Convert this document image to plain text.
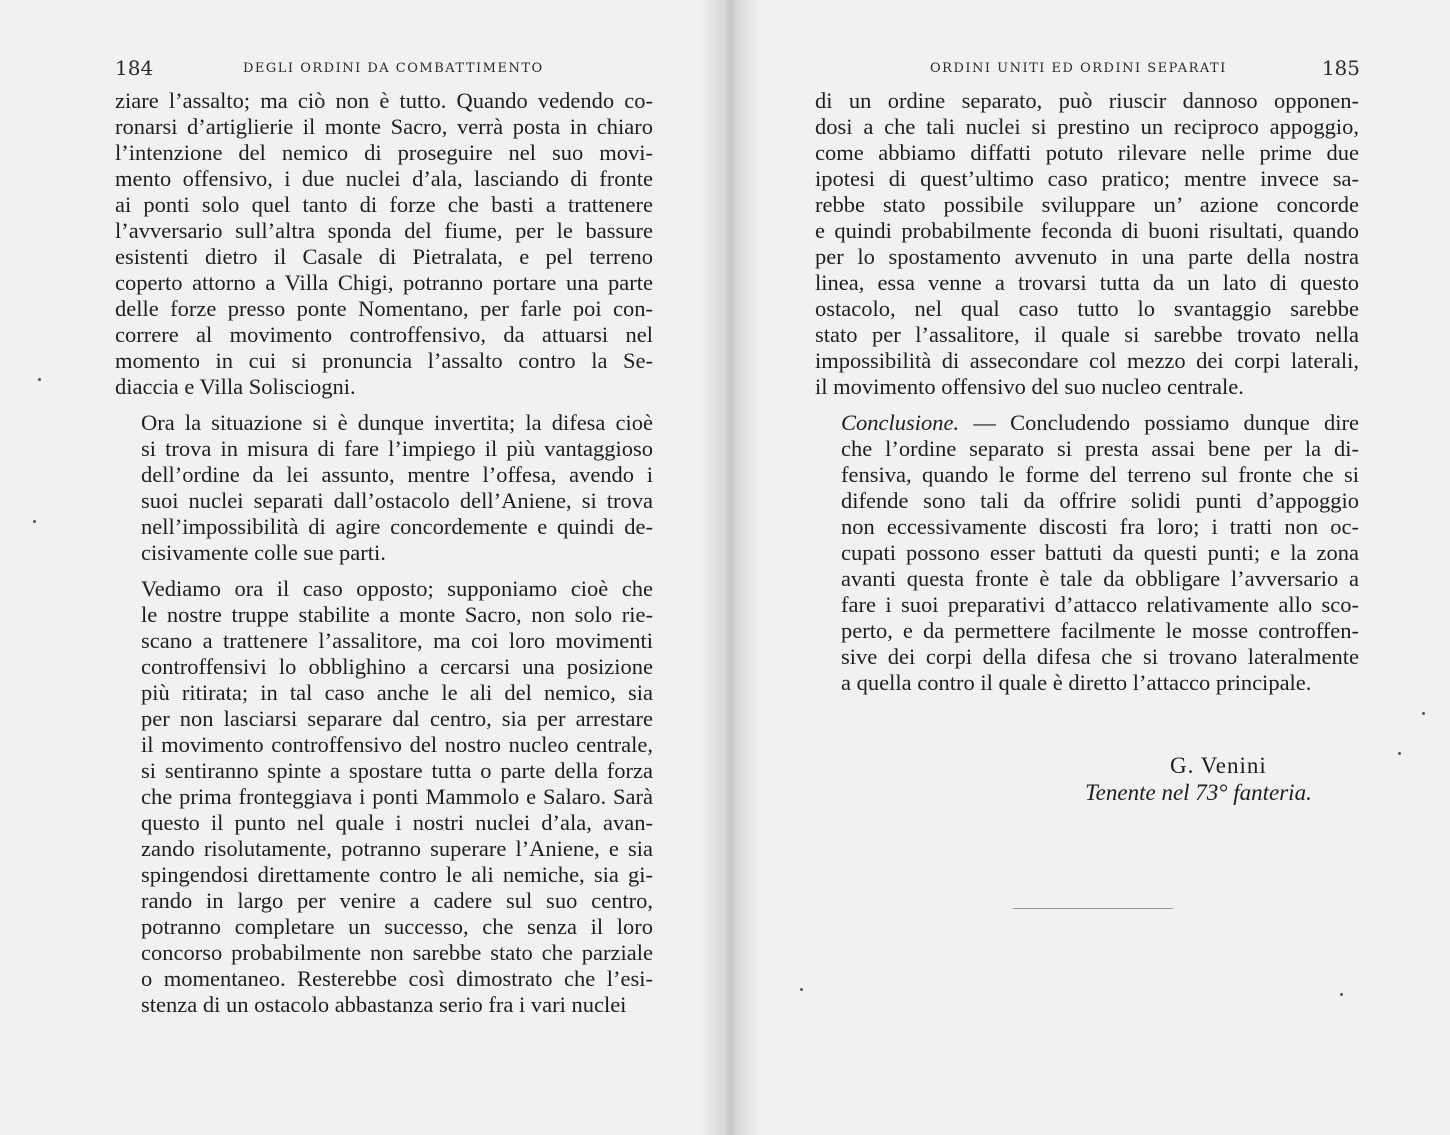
184	DEGLI ORDINI DA COMBATTIMENTO

ziare l’assalto; ma ciò non è tutto. Quando vedendo co-
ronarsi d’artiglierie il monte Sacro, verrà posta in chiaro
l’intenzione del nemico di proseguire nel suo movi-
mento offensivo, i due nuclei d’ala, lasciando di fronte
ai ponti solo quel tanto di forze che basti a trattenere
l’avversario sull’altra sponda del fiume, per le bassure
esistenti dietro il Casale di Pietralata, e pel terreno
coperto attorno a Villa Chigi, potranno portare una parte
delle forze presso ponte Nomentano, per farle poi con-
correre al movimento controffensivo, da attuarsi nel
momento in cui si pronuncia l’assalto contro la Se-
diaccia e Villa Solisciogni.

Ora la situazione si è dunque invertita; la difesa cioè
si trova in misura di fare l’impiego il più vantaggioso
dell’ordine da lei assunto, mentre l’offesa, avendo i
suoi nuclei separati dall’ostacolo dell’Aniene, si trova
nell’impossibilità di agire concordemente e quindi de-
cisivamente colle sue parti.

Vediamo ora il caso opposto; supponiamo cioè che
le nostre truppe stabilite a monte Sacro, non solo rie-
scano a trattenere l’assalitore, ma coi loro movimenti
controffensivi lo obblighino a cercarsi una posizione
più ritirata; in tal caso anche le ali del nemico, sia
per non lasciarsi separare dal centro, sia per arrestare
il movimento controffensivo del nostro nucleo centrale,
si sentiranno spinte a spostare tutta o parte della forza
che prima fronteggiava i ponti Mammolo e Salaro. Sarà
questo il punto nel quale i nostri nuclei d’ala, avan-
zando risolutamente, potranno superare l’Aniene, e sia
spingendosi direttamente contro le ali nemiche, sia gi-
rando in largo per venire a cadere sul suo centro,
potranno completare un successo, che senza il loro
concorso probabilmente non sarebbe stato che parziale
o momentaneo. Resterebbe così dimostrato che l’esi-
stenza di un ostacolo abbastanza serio fra i vari nuclei

ORDINI UNITI ED ORDINI SEPARATI	185

di un ordine separato, può riuscir dannoso opponen-
dosi a che tali nuclei si prestino un reciproco appoggio,
come abbiamo diffatti potuto rilevare nelle prime due
ipotesi di quest’ultimo caso pratico; mentre invece sa-
rebbe stato possibile sviluppare un’ azione concorde
e quindi probabilmente feconda di buoni risultati, quando
per lo spostamento avvenuto in una parte della nostra
linea, essa venne a trovarsi tutta da un lato di questo
ostacolo, nel qual caso tutto lo svantaggio sarebbe
stato per l’assalitore, il quale si sarebbe trovato nella
impossibilità di assecondare col mezzo dei corpi laterali,
il movimento offensivo del suo nucleo centrale.

Conclusione. — Concludendo possiamo dunque dire
che l’ordine separato si presta assai bene per la di-
fensiva, quando le forme del terreno sul fronte che si
difende sono tali da offrire solidi punti d’appoggio
non eccessivamente discosti fra loro; i tratti non oc-
cupati possono esser battuti da questi punti; e la zona
avanti questa fronte è tale da obbligare l’avversario a
fare i suoi preparativi d’attacco relativamente allo sco-
perto, e da permettere facilmente le mosse controffen-
sive dei corpi della difesa che si trovano lateralmente
a quella contro il quale è diretto l’attacco principale.

G. Venini
Tenente nel 73° fanteria.
